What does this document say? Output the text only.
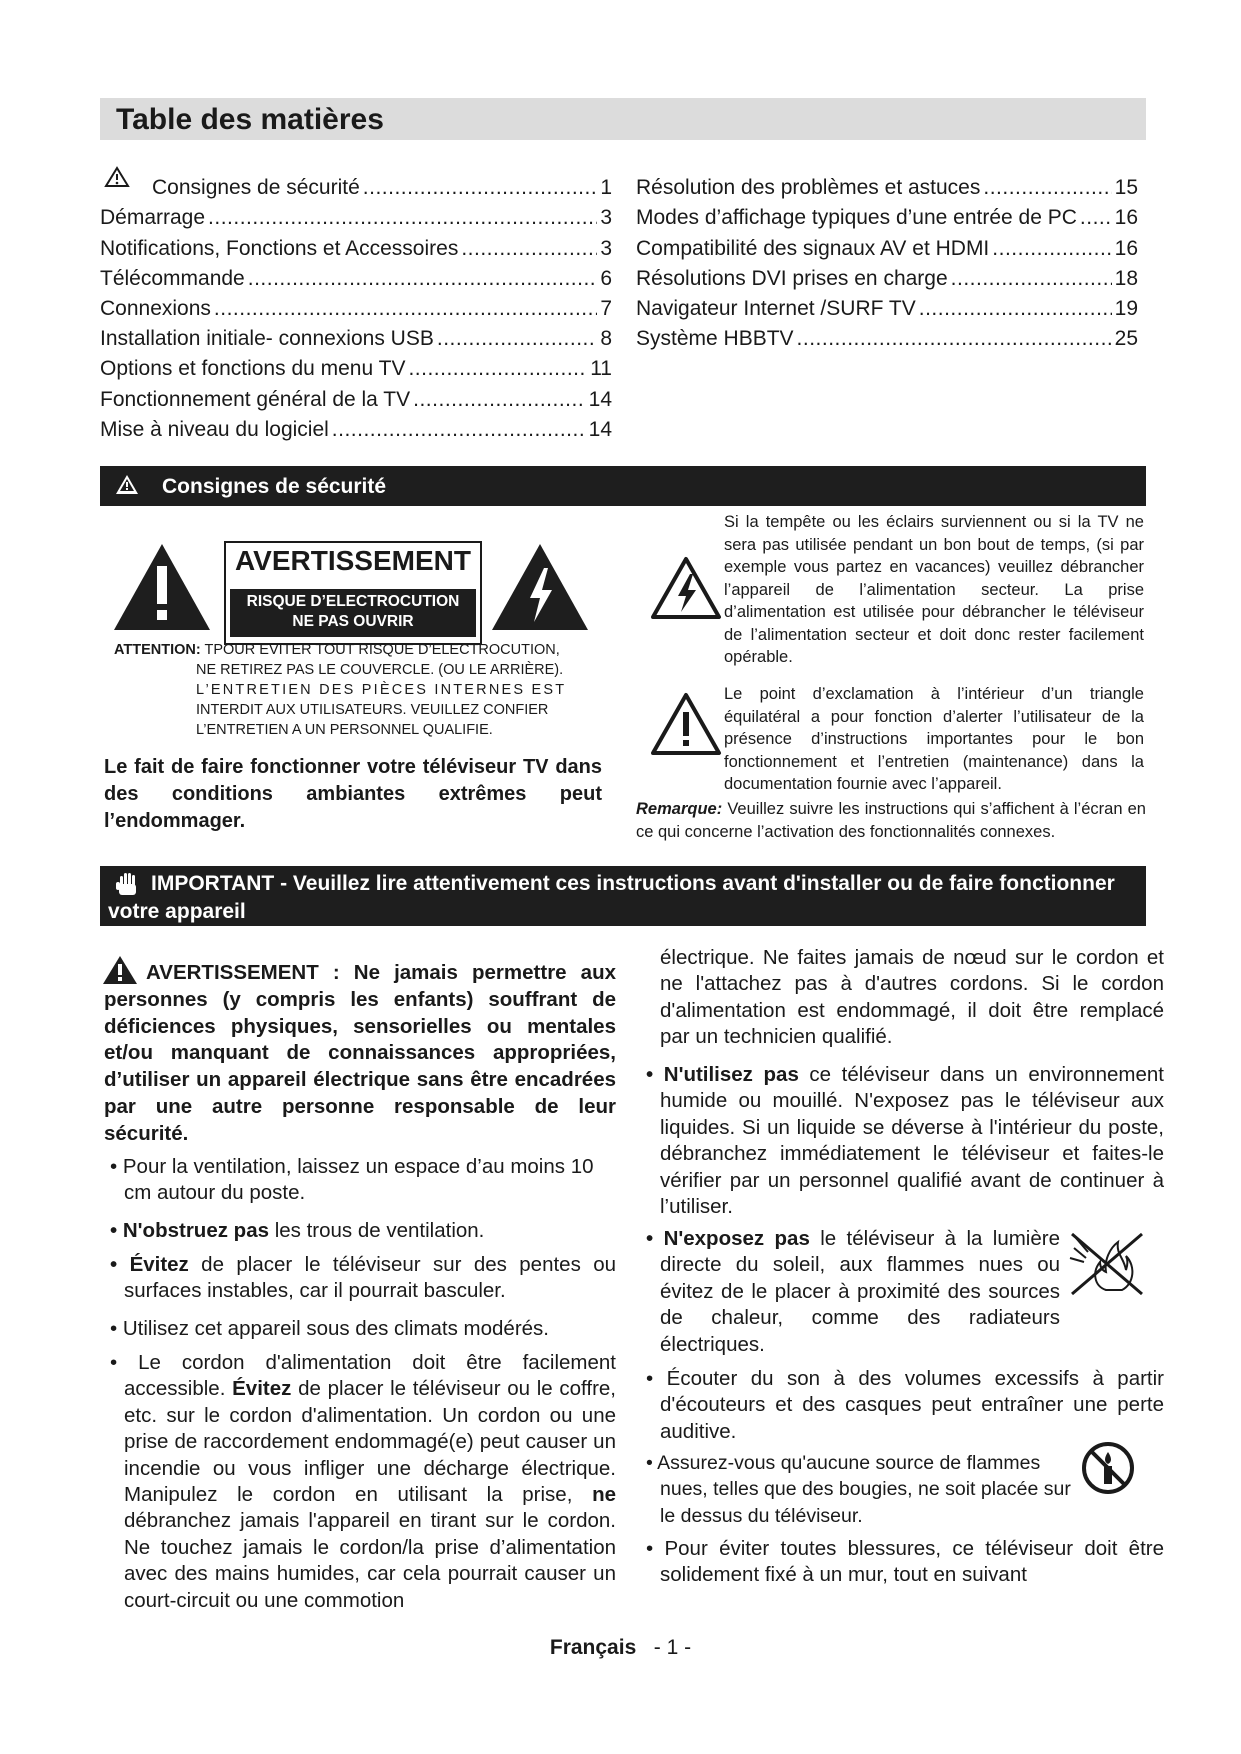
Table des matières
Consignes de sécurité .....	1
Démarrage .....	3
Notifications, Fonctions et Accessoires .....	3
Télécommande .....	6
Connexions .....	7
Installation initiale- connexions USB .....	8
Options et fonctions du menu TV .....	11
Fonctionnement général de la TV .....	14
Mise à niveau du logiciel .....	14
Résolution des problèmes et astuces .....	15
Modes d’affichage typiques d’une entrée de PC ..... 16
Compatibilité des signaux AV et HDMI .....	16
Résolutions DVI prises en charge .....	18
Navigateur Internet /SURF TV .....	19
Système HBBTV .....	25
Consignes de sécurité
AVERTISSEMENT
RISQUE D’ELECTROCUTION
NE PAS OUVRIR
ATTENTION: TPOUR EVITER TOUT RISQUE D’ELECTROCUTION,
NE RETIREZ PAS LE COUVERCLE. (OU LE ARRIÈRE).
L’ENTRETIEN DES PIÈCES INTERNES EST
INTERDIT AUX UTILISATEURS. VEUILLEZ CONFIER
L’ENTRETIEN A UN PERSONNEL QUALIFIE.
Le fait de faire fonctionner votre téléviseur TV dans des conditions ambiantes extrêmes peut l’endommager.
Si la tempête ou les éclairs surviennent ou si la TV ne sera pas utilisée pendant un bon bout de temps, (si par exemple vous partez en vacances) veuillez débrancher l’appareil de l’alimentation secteur. La prise d’alimentation est utilisée pour débrancher le téléviseur de l’alimentation secteur et doit donc rester facilement opérable.
Le point d’exclamation à l’intérieur d’un triangle équilatéral a pour fonction d’alerter l’utilisateur de la présence d’instructions importantes pour le bon fonctionnement et l’entretien (maintenance) dans la documentation fournie avec l’appareil.
Remarque: Veuillez suivre les instructions qui s’affichent à l’écran en ce qui concerne l’activation des fonctionnalités connexes.
IMPORTANT - Veuillez lire attentivement ces instructions avant d'installer ou de faire fonctionner
votre appareil
AVERTISSEMENT : Ne jamais permettre aux personnes (y compris les enfants) souffrant de déficiences physiques, sensorielles ou mentales et/ou manquant de connaissances appropriées, d’utiliser un appareil électrique sans être encadrées par une autre personne responsable de leur sécurité.
• Pour la ventilation, laissez un espace d’au moins 10 cm autour du poste.
• N'obstruez pas les trous de ventilation.
• Évitez de placer le téléviseur sur des pentes ou surfaces instables, car il pourrait basculer.
• Utilisez cet appareil sous des climats modérés.
• Le cordon d'alimentation doit être facilement accessible. Évitez de placer le téléviseur ou le coffre, etc. sur le cordon d'alimentation. Un cordon ou une prise de raccordement endommagé(e) peut causer un incendie ou vous infliger une décharge électrique. Manipulez le cordon en utilisant la prise, ne débranchez jamais l'appareil en tirant sur le cordon. Ne touchez jamais le cordon/la prise d’alimentation avec des mains humides, car cela pourrait causer un court-circuit ou une commotion
électrique. Ne faites jamais de nœud sur le cordon et ne l'attachez pas à d'autres cordons. Si le cordon d'alimentation est endommagé, il doit être remplacé par un technicien qualifié.
• N'utilisez pas ce téléviseur dans un environnement humide ou mouillé. N'exposez pas le téléviseur aux liquides. Si un liquide se déverse à l'intérieur du poste, débranchez immédiatement le téléviseur et faites-le vérifier par un personnel qualifié avant de continuer à l’utiliser.
• N'exposez pas le téléviseur à la lumière directe du soleil, aux flammes nues ou évitez de le placer à proximité des sources de chaleur, comme des radiateurs électriques.
• Écouter du son à des volumes excessifs à partir d'écouteurs et des casques peut entraîner une perte auditive.
• Assurez-vous qu'aucune source de flammes nues, telles que des bougies, ne soit placée sur le dessus du téléviseur.
• Pour éviter toutes blessures, ce téléviseur doit être solidement fixé à un mur, tout en suivant
Français - 1 -
